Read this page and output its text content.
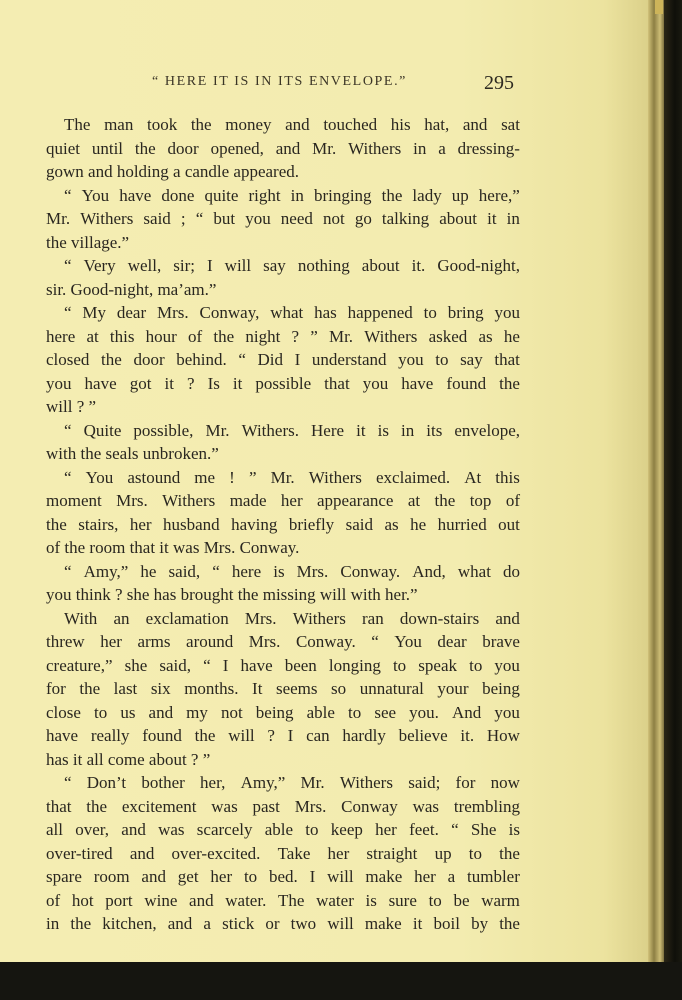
“ HERE IT IS IN ITS ENVELOPE.”	295
The man took the money and touched his hat, and sat
quiet until the door opened, and Mr. Withers in a dressing-
gown and holding a candle appeared.
“ You have done quite right in bringing the lady up here,”
Mr. Withers said ; “ but you need not go talking about it in
the village.”
“ Very well, sir; I will say nothing about it. Good-night,
sir. Good-night, ma’am.”
“ My dear Mrs. Conway, what has happened to bring you
here at this hour of the night ? ” Mr. Withers asked as he
closed the door behind. “ Did I understand you to say that
you have got it ? Is it possible that you have found the
will ? ”
“ Quite possible, Mr. Withers. Here it is in its envelope,
with the seals unbroken.”
“ You astound me ! ” Mr. Withers exclaimed. At this
moment Mrs. Withers made her appearance at the top of
the stairs, her husband having briefly said as he hurried out
of the room that it was Mrs. Conway.
“ Amy,” he said, “ here is Mrs. Conway. And, what do
you think ? she has brought the missing will with her.”
With an exclamation Mrs. Withers ran down-stairs and
threw her arms around Mrs. Conway. “ You dear brave
creature,” she said, “ I have been longing to speak to you
for the last six months. It seems so unnatural your being
close to us and my not being able to see you. And you
have really found the will ? I can hardly believe it. How
has it all come about ? ”
“ Don’t bother her, Amy,” Mr. Withers said; for now
that the excitement was past Mrs. Conway was trembling
all over, and was scarcely able to keep her feet. “ She is
over-tired and over-excited. Take her straight up to the
spare room and get her to bed. I will make her a tumbler
of hot port wine and water. The water is sure to be warm
in the kitchen, and a stick or two will make it boil by the
